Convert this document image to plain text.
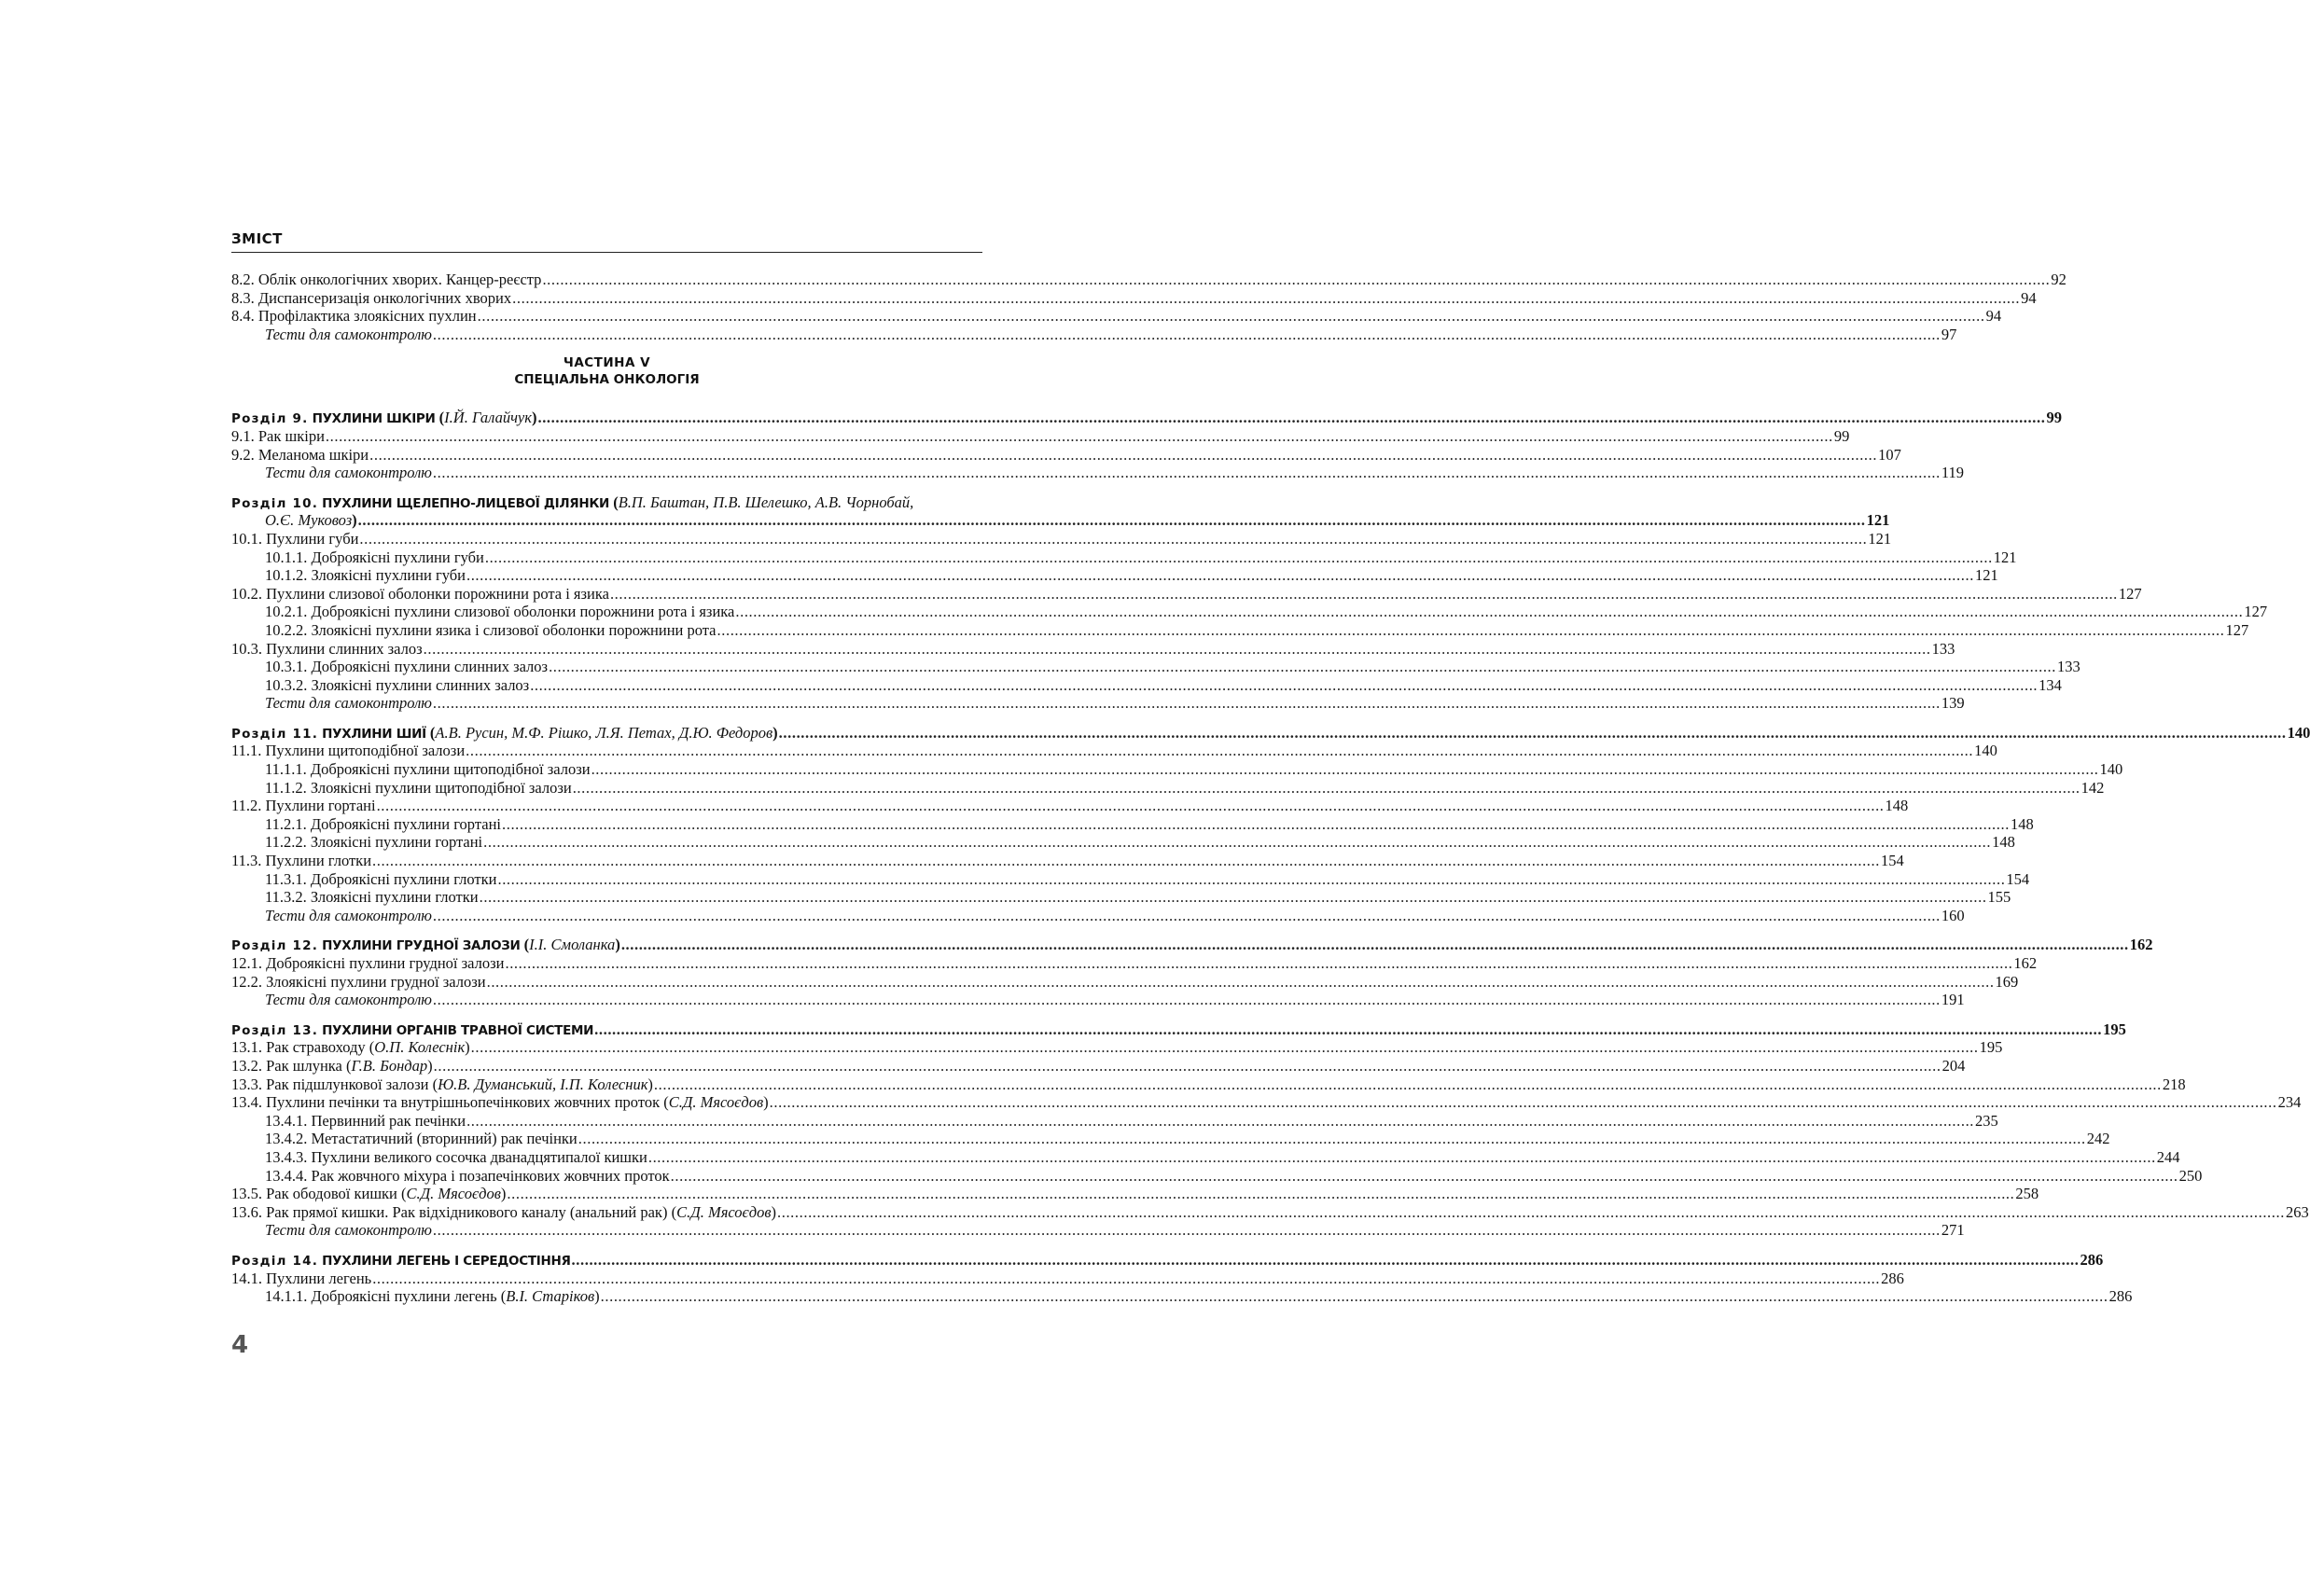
ЗМІСТ
8.2. Облік онкологічних хворих. Канцер-реєстр .....	92
8.3. Диспансеризація онкологічних хворих .....	94
8.4. Профілактика злоякісних пухлин .....	94
Тести для самоконтролю .....	97
ЧАСТИНА V
СПЕЦІАЛЬНА ОНКОЛОГІЯ
Розділ 9. ПУХЛИНИ ШКІРИ (І.Й. Галайчук) .....	99
9.1. Рак шкіри .....	99
9.2. Меланома шкіри .....	107
Тести для самоконтролю .....	119
Розділ 10. ПУХЛИНИ ЩЕЛЕПНО-ЛИЦЕВОЇ ДІЛЯНКИ (В.П. Баштан, П.В. Шелешко, А.В. Чорнобай,
О.Є. Муковоз) .....	121
10.1. Пухлини губи .....	121
10.1.1. Доброякісні пухлини губи .....	121
10.1.2. Злоякісні пухлини губи .....	121
10.2. Пухлини слизової оболонки порожнини рота і язика .....	127
10.2.1. Доброякісні пухлини слизової оболонки порожнини рота і язика .....	127
10.2.2. Злоякісні пухлини язика і слизової оболонки порожнини рота .....	127
10.3. Пухлини слинних залоз .....	133
10.3.1. Доброякісні пухлини слинних залоз .....	133
10.3.2. Злоякісні пухлини слинних залоз .....	134
Тести для самоконтролю .....	139
Розділ 11. ПУХЛИНИ ШИЇ (А.В. Русин, М.Ф. Рішко, Л.Я. Петах, Д.Ю. Федоров) .....	140
11.1. Пухлини щитоподібної залози .....	140
11.1.1. Доброякісні пухлини щитоподібної залози .....	140
11.1.2. Злоякісні пухлини щитоподібної залози .....	142
11.2. Пухлини гортані .....	148
11.2.1. Доброякісні пухлини гортані .....	148
11.2.2. Злоякісні пухлини гортані .....	148
11.3. Пухлини глотки .....	154
11.3.1. Доброякісні пухлини глотки .....	154
11.3.2. Злоякісні пухлини глотки .....	155
Тести для самоконтролю .....	160
Розділ 12. ПУХЛИНИ ГРУДНОЇ ЗАЛОЗИ (І.І. Смоланка) .....	162
12.1. Доброякісні пухлини грудної залози .....	162
12.2. Злоякісні пухлини грудної залози .....	169
Тести для самоконтролю .....	191
Розділ 13. ПУХЛИНИ ОРГАНІВ ТРАВНОЇ СИСТЕМИ .....	195
13.1. Рак стравоходу (О.П. Колеснік) .....	195
13.2. Рак шлунка (Г.В. Бондар) .....	204
13.3. Рак підшлункової залози (Ю.В. Думанський, І.П. Колесник) .....	218
13.4. Пухлини печінки та внутрішньопечінкових жовчних проток (С.Д. Мясоєдов) .....	234
13.4.1. Первинний рак печінки .....	235
13.4.2. Метастатичний (вторинний) рак печінки .....	242
13.4.3. Пухлини великого сосочка дванадцятипалої кишки .....	244
13.4.4. Рак жовчного міхура і позапечінкових жовчних проток .....	250
13.5. Рак ободової кишки (С.Д. Мясоєдов) .....	258
13.6. Рак прямої кишки. Рак відхідникового каналу (анальний рак) (С.Д. Мясоєдов) .....	263
Тести для самоконтролю .....	271
Розділ 14. ПУХЛИНИ ЛЕГЕНЬ І СЕРЕДОСТІННЯ .....	286
14.1. Пухлини легень .....	286
14.1.1. Доброякісні пухлини легень (В.І. Старіков) .....	286
4
